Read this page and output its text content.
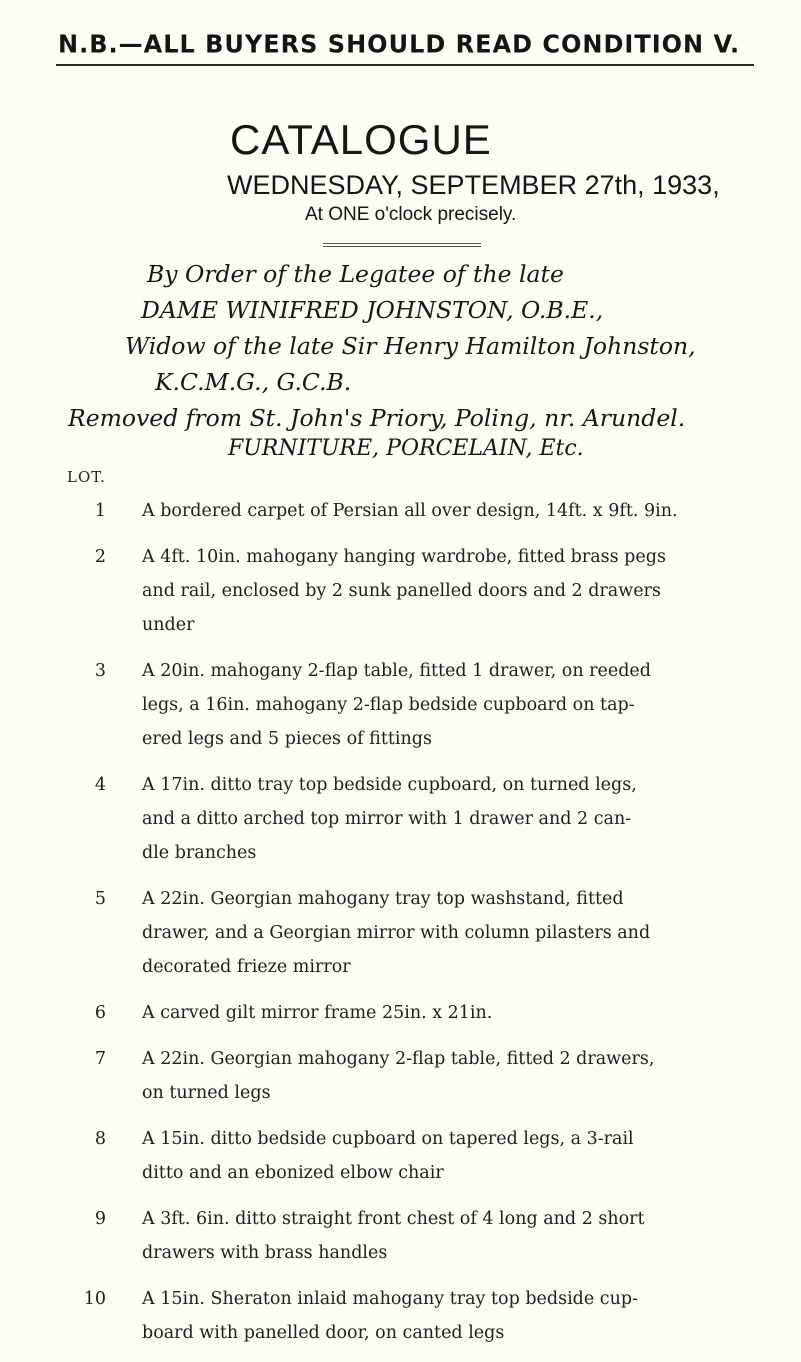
N.B.—ALL BUYERS SHOULD READ CONDITION V.
CATALOGUE
WEDNESDAY, SEPTEMBER 27th, 1933,
At ONE o'clock precisely.
By Order of the Legatee of the late
DAME WINIFRED JOHNSTON, O.B.E.,
Widow of the late Sir Henry Hamilton Johnston,
K.C.M.G., G.C.B.
Removed from St. John's Priory, Poling, nr. Arundel.
FURNITURE, PORCELAIN, Etc.
LOT.
1 A bordered carpet of Persian all over design, 14ft. x 9ft. 9in.
2 A 4ft. 10in. mahogany hanging wardrobe, fitted brass pegs
and rail, enclosed by 2 sunk panelled doors and 2 drawers
under
3 A 20in. mahogany 2-flap table, fitted 1 drawer, on reeded
legs, a 16in. mahogany 2-flap bedside cupboard on tap-
ered legs and 5 pieces of fittings
4 A 17in. ditto tray top bedside cupboard, on turned legs,
and a ditto arched top mirror with 1 drawer and 2 can-
dle branches
5 A 22in. Georgian mahogany tray top washstand, fitted
drawer, and a Georgian mirror with column pilasters and
decorated frieze mirror
6 A carved gilt mirror frame 25in. x 21in.
7 A 22in. Georgian mahogany 2-flap table, fitted 2 drawers,
on turned legs
8 A 15in. ditto bedside cupboard on tapered legs, a 3-rail
ditto and an ebonized elbow chair
9 A 3ft. 6in. ditto straight front chest of 4 long and 2 short
drawers with brass handles
10 A 15in. Sheraton inlaid mahogany tray top bedside cup-
board with panelled door, on canted legs
